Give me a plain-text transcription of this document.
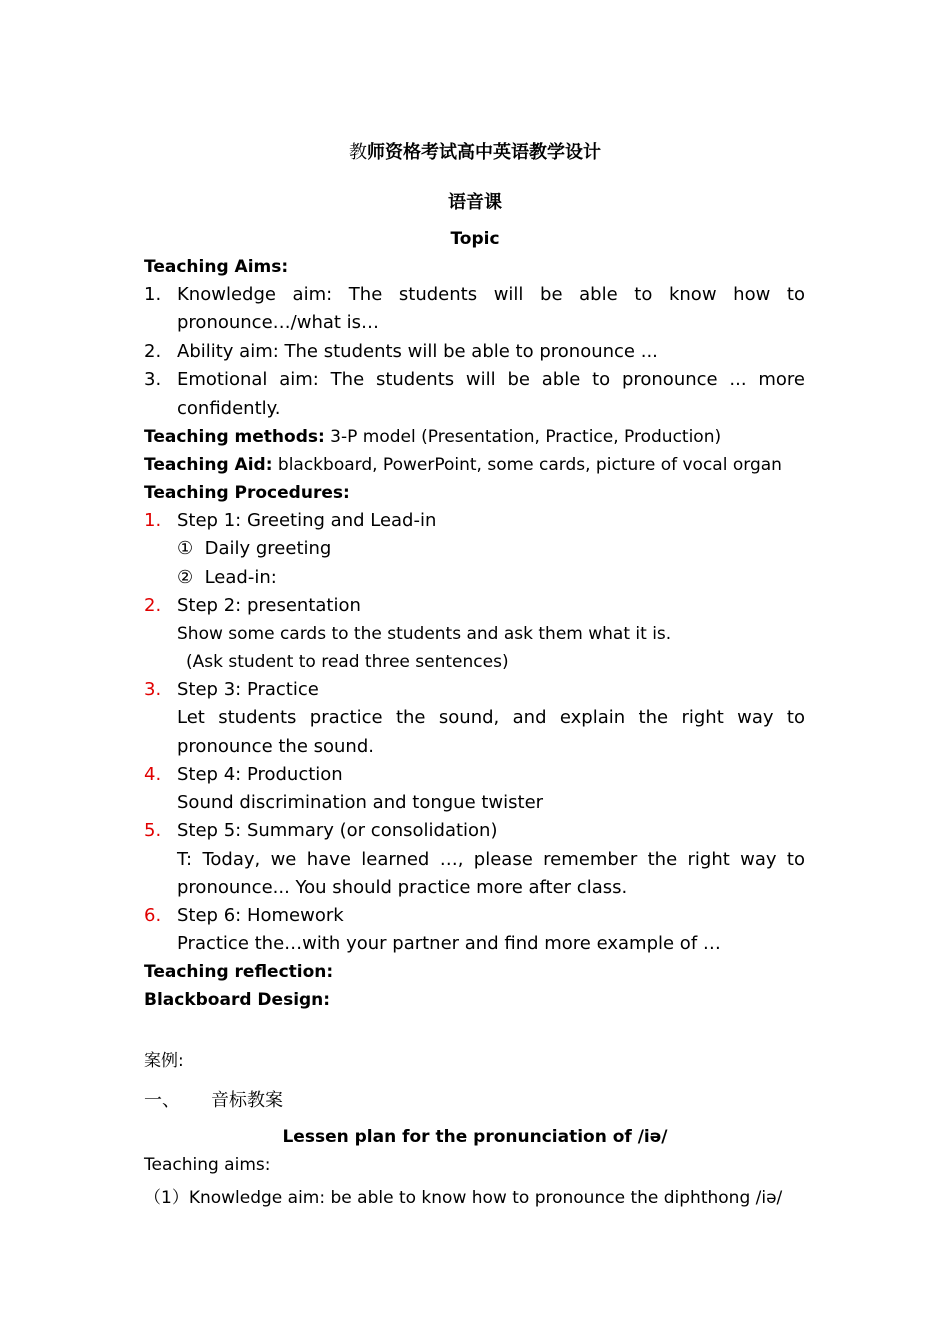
教师资格考试高中英语教学设计
语音课
Topic
Teaching Aims:
1. Knowledge aim: The students will be able to know how to
pronounce…/what is…
2. Ability aim: The students will be able to pronounce ...
3. Emotional aim: The students will be able to pronounce ... more
confidently.
Teaching methods: 3-P model (Presentation, Practice, Production)
Teaching Aid: blackboard, PowerPoint, some cards, picture of vocal organ
Teaching Procedures:
1. Step 1: Greeting and Lead-in
① Daily greeting
② Lead-in:
2. Step 2: presentation
Show some cards to the students and ask them what it is.
(Ask student to read three sentences)
3. Step 3: Practice
Let students practice the sound, and explain the right way to
pronounce the sound.
4. Step 4: Production
Sound discrimination and tongue twister
5. Step 5: Summary (or consolidation)
T: Today, we have learned …, please remember the right way to
pronounce... You should practice more after class.
6. Step 6: Homework
Practice the…with your partner and find more example of …
Teaching reflection:
Blackboard Design:
案例:
一、 音标教案
Lessen plan for the pronunciation of /iə/
Teaching aims:
（1）Knowledge aim: be able to know how to pronounce the diphthong /iə/
